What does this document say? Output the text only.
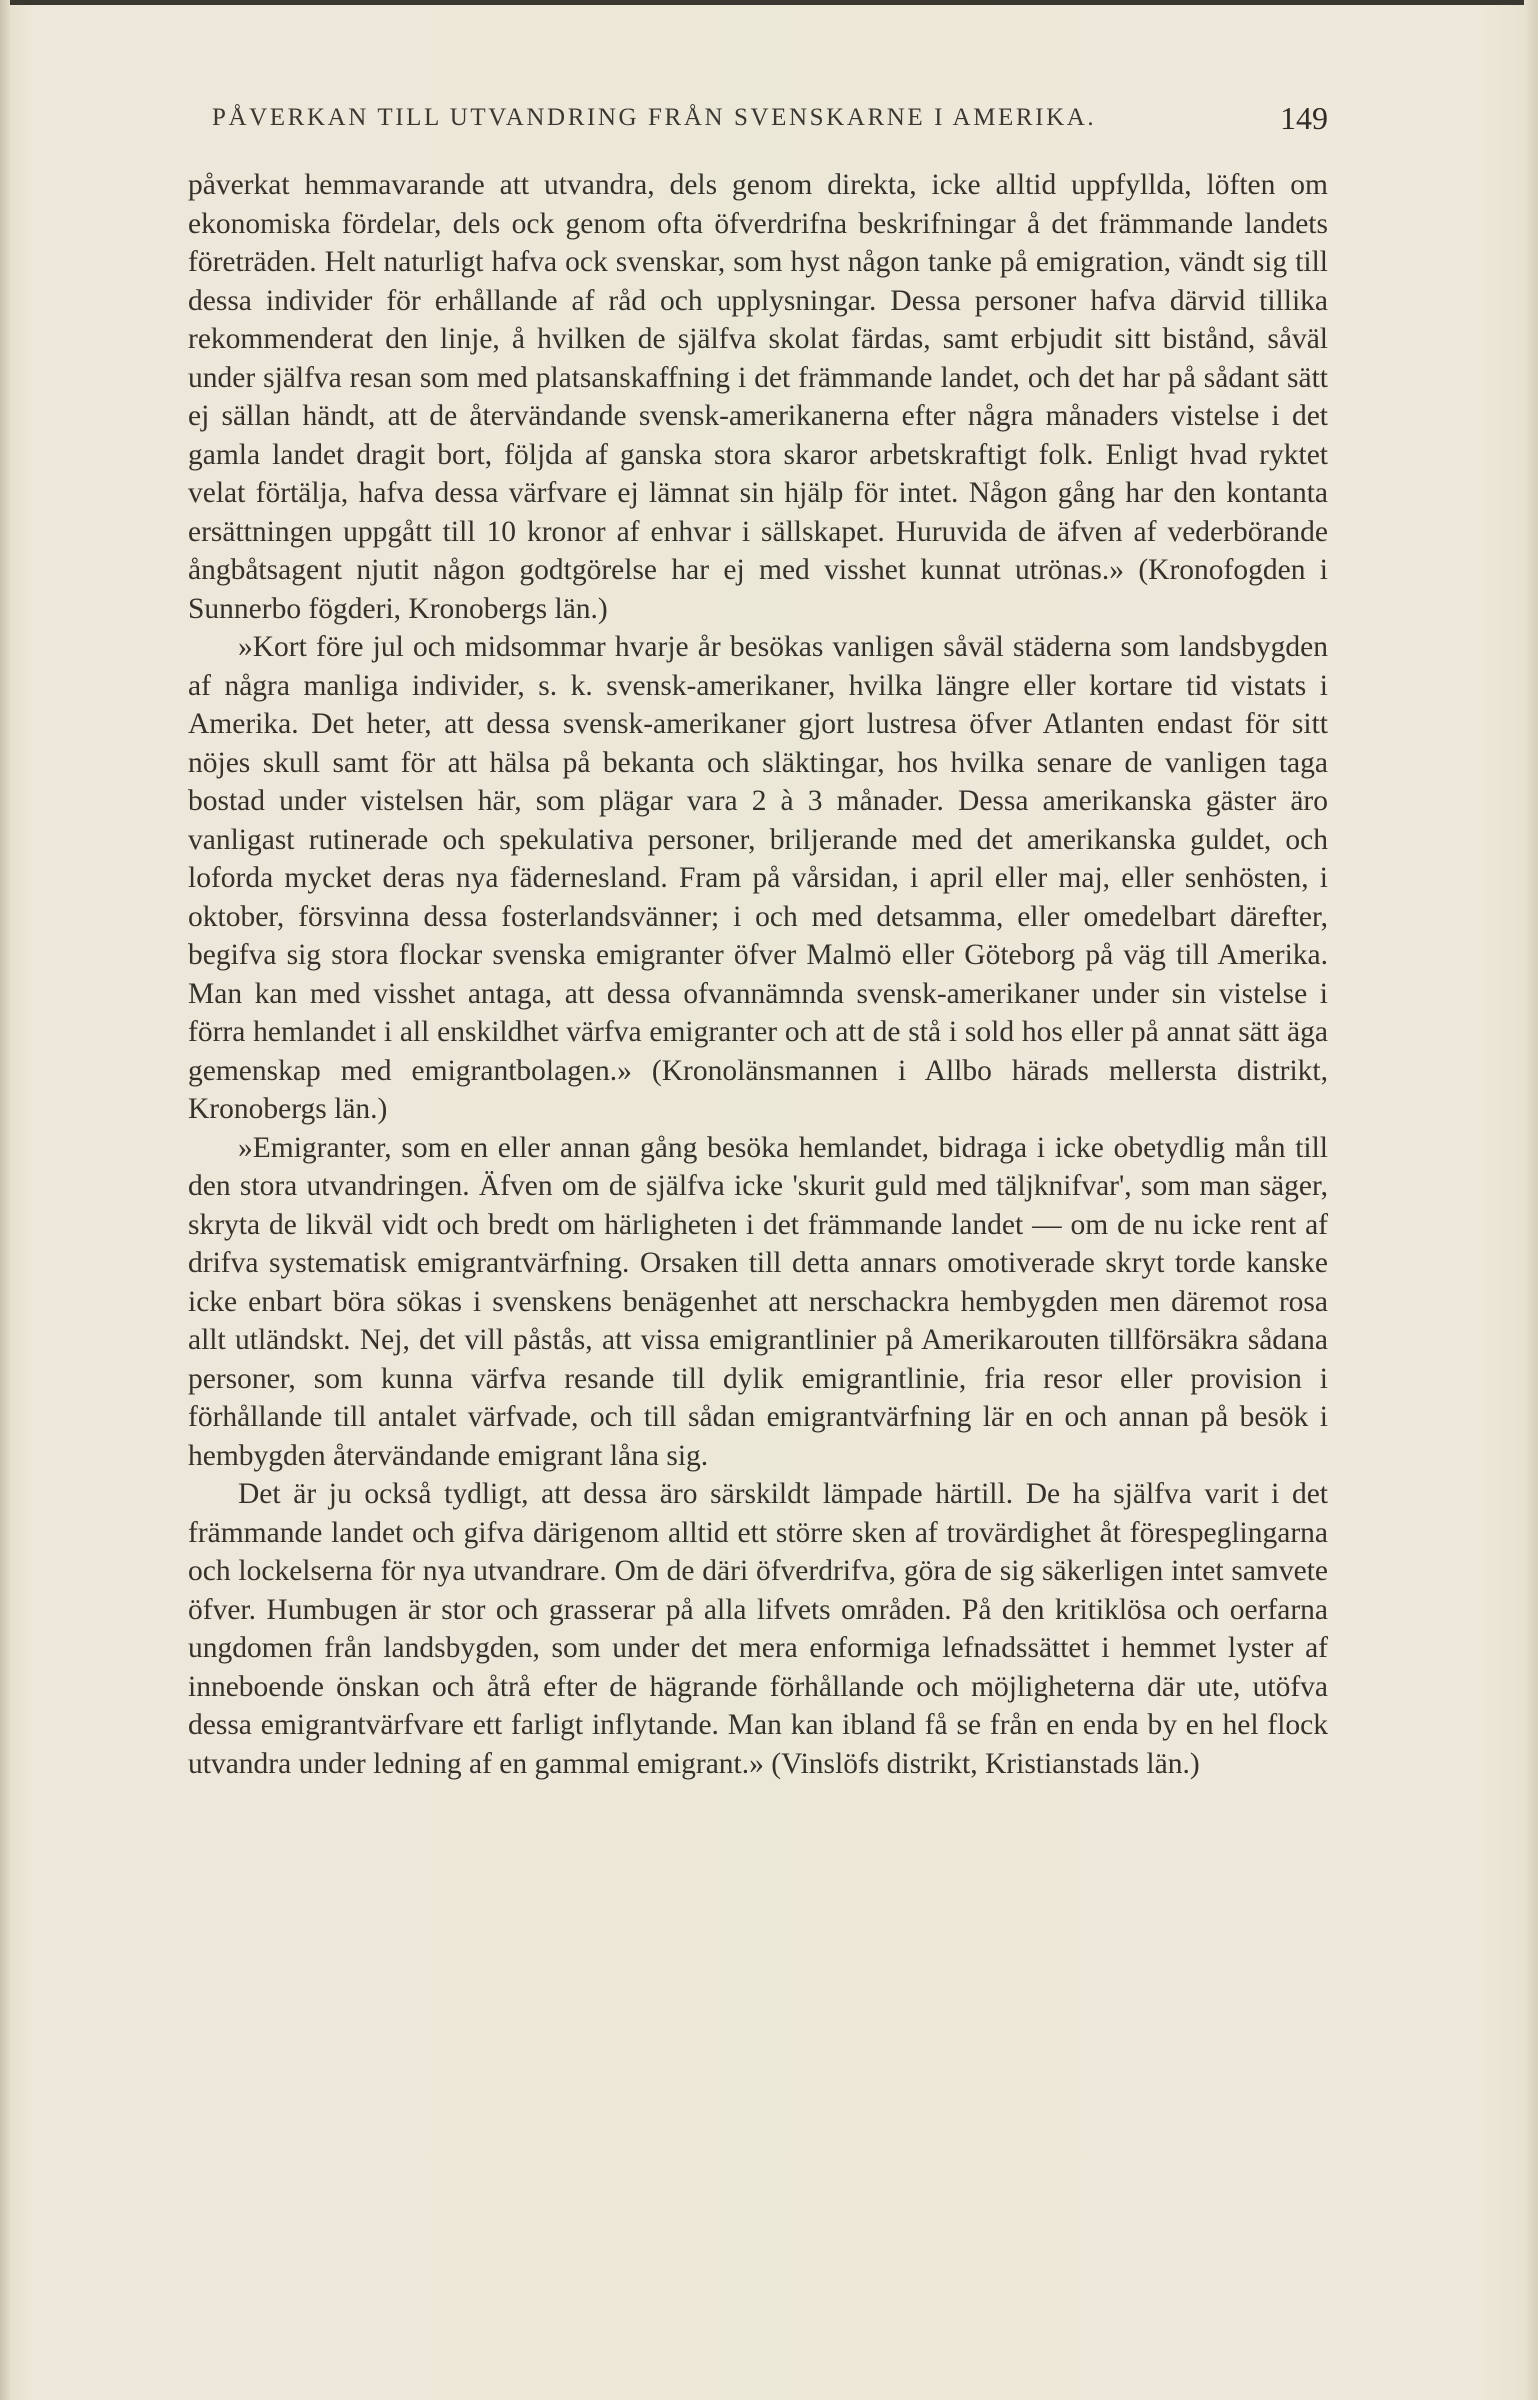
PÅVERKAN TILL UTVANDRING FRÅN SVENSKARNE I AMERIKA.	149

påverkat hemmavarande att utvandra, dels genom direkta, icke alltid uppfyllda, löften om ekonomiska fördelar, dels ock genom ofta öfverdrifna beskrifningar å det främmande landets företräden. Helt naturligt hafva ock svenskar, som hyst någon tanke på emigration, vändt sig till dessa individer för erhållande af råd och upplysningar. Dessa personer hafva därvid tillika rekommenderat den linje, å hvilken de själfva skolat färdas, samt erbjudit sitt bistånd, såväl under själfva resan som med platsanskaffning i det främmande landet, och det har på sådant sätt ej sällan händt, att de återvändande svensk-amerikanerna efter några månaders vistelse i det gamla landet dragit bort, följda af ganska stora skaror arbetskraftigt folk. Enligt hvad ryktet velat förtälja, hafva dessa värfvare ej lämnat sin hjälp för intet. Någon gång har den kontanta ersättningen uppgått till 10 kronor af enhvar i sällskapet. Huruvida de äfven af vederbörande ångbåtsagent njutit någon godtgörelse har ej med visshet kunnat utrönas.» (Kronofogden i Sunnerbo fögderi, Kronobergs län.)

»Kort före jul och midsommar hvarje år besökas vanligen såväl städerna som landsbygden af några manliga individer, s. k. svensk-amerikaner, hvilka längre eller kortare tid vistats i Amerika. Det heter, att dessa svensk-amerikaner gjort lustresa öfver Atlanten endast för sitt nöjes skull samt för att hälsa på bekanta och släktingar, hos hvilka senare de vanligen taga bostad under vistelsen här, som plägar vara 2 à 3 månader. Dessa amerikanska gäster äro vanligast rutinerade och spekulativa personer, briljerande med det amerikanska guldet, och loforda mycket deras nya fädernesland. Fram på vårsidan, i april eller maj, eller senhösten, i oktober, försvinna dessa fosterlandsvänner; i och med detsamma, eller omedelbart därefter, begifva sig stora flockar svenska emigranter öfver Malmö eller Göteborg på väg till Amerika. Man kan med visshet antaga, att dessa ofvannämnda svensk-amerikaner under sin vistelse i förra hemlandet i all enskildhet värfva emigranter och att de stå i sold hos eller på annat sätt äga gemenskap med emigrantbolagen.» (Kronolänsmannen i Allbo härads mellersta distrikt, Kronobergs län.)

»Emigranter, som en eller annan gång besöka hemlandet, bidraga i icke obetydlig mån till den stora utvandringen. Äfven om de själfva icke 'skurit guld med täljknifvar', som man säger, skryta de likväl vidt och bredt om härligheten i det främmande landet — om de nu icke rent af drifva systematisk emigrantvärfning. Orsaken till detta annars omotiverade skryt torde kanske icke enbart böra sökas i svenskens benägenhet att nerschackra hembygden men däremot rosa allt utländskt. Nej, det vill påstås, att vissa emigrantlinier på Amerikarouten tillförsäkra sådana personer, som kunna värfva resande till dylik emigrantlinie, fria resor eller provision i förhållande till antalet värfvade, och till sådan emigrantvärfning lär en och annan på besök i hembygden återvändande emigrant låna sig.

Det är ju också tydligt, att dessa äro särskildt lämpade härtill. De ha själfva varit i det främmande landet och gifva därigenom alltid ett större sken af trovärdighet åt förespeglingarna och lockelserna för nya utvandrare. Om de däri öfverdrifva, göra de sig säkerligen intet samvete öfver. Humbugen är stor och grasserar på alla lifvets områden. På den kritiklösa och oerfarna ungdomen från landsbygden, som under det mera enformiga lefnadssättet i hemmet lyster af inneboende önskan och åtrå efter de hägrande förhållande och möjligheterna där ute, utöfva dessa emigrantvärfvare ett farligt inflytande. Man kan ibland få se från en enda by en hel flock utvandra under ledning af en gammal emigrant.» (Vinslöfs distrikt, Kristianstads län.)
